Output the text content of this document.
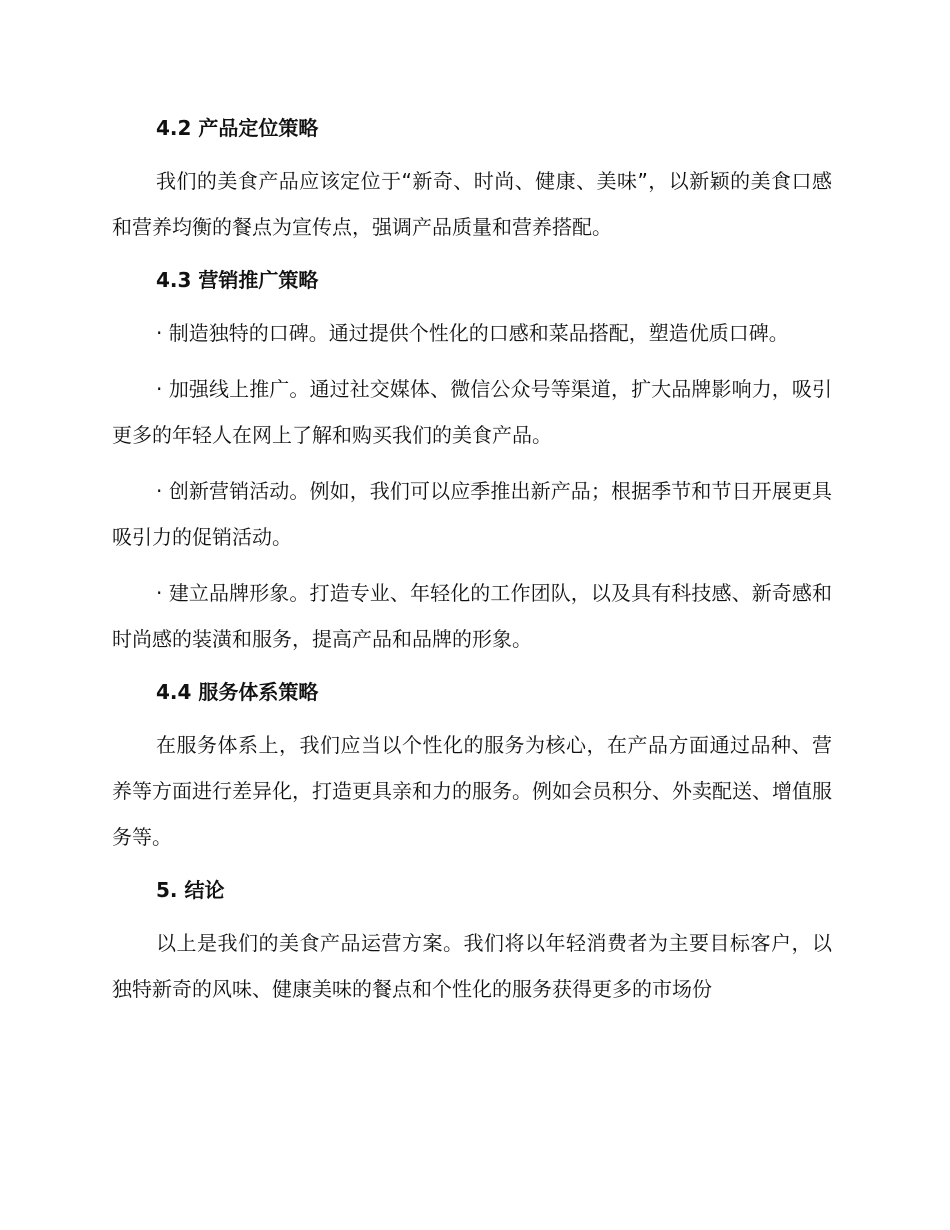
4.2 产品定位策略

我们的美食产品应该定位于“新奇、时尚、健康、美味”，以新颖的美食口感和营养均衡的餐点为宣传点，强调产品质量和营养搭配。

4.3 营销推广策略

· 制造独特的口碑。通过提供个性化的口感和菜品搭配，塑造优质口碑。

· 加强线上推广。通过社交媒体、微信公众号等渠道，扩大品牌影响力，吸引更多的年轻人在网上了解和购买我们的美食产品。

· 创新营销活动。例如，我们可以应季推出新产品；根据季节和节日开展更具吸引力的促销活动。

· 建立品牌形象。打造专业、年轻化的工作团队，以及具有科技感、新奇感和时尚感的装潢和服务，提高产品和品牌的形象。

4.4 服务体系策略

在服务体系上，我们应当以个性化的服务为核心，在产品方面通过品种、营养等方面进行差异化，打造更具亲和力的服务。例如会员积分、外卖配送、增值服务等。

5. 结论

以上是我们的美食产品运营方案。我们将以年轻消费者为主要目标客户，以独特新奇的风味、健康美味的餐点和个性化的服务获得更多的市场份
